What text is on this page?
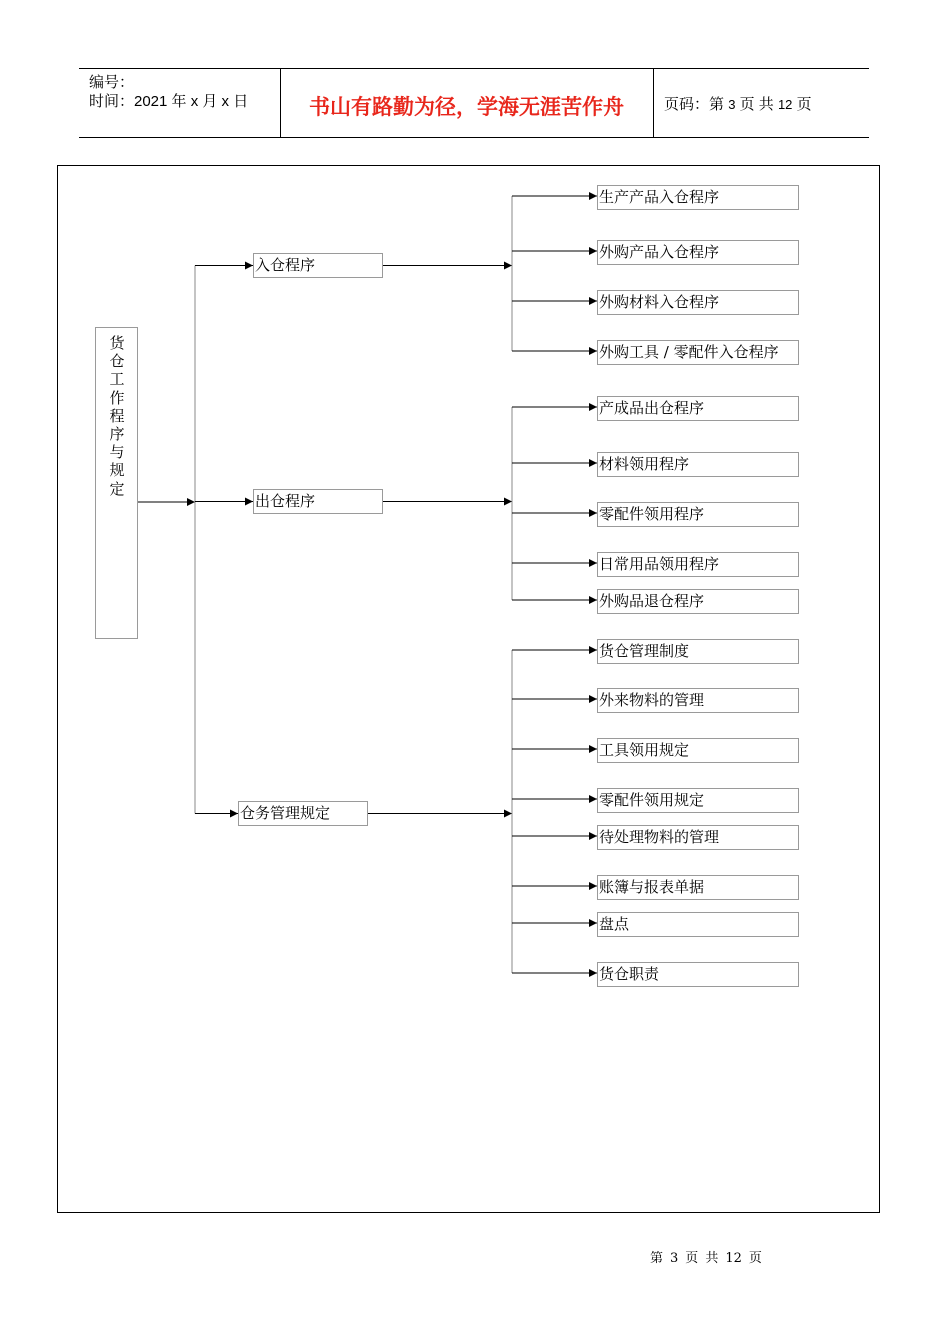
编号：
时间：2021 年 x 月 x 日	书山有路勤为径，学海无涯苦作舟	页码：第 3 页 共 12 页
货
仓
工
作
程
序
与
规
定
入仓程序
生产产品入仓程序
外购产品入仓程序
外购材料入仓程序
外购工具 / 零配件入仓程序
出仓程序
产成品出仓程序
材料领用程序
零配件领用程序
日常用品领用程序
外购品退仓程序
仓务管理规定
货仓管理制度
外来物料的管理
工具领用规定
零配件领用规定
待处理物料的管理
账簿与报表单据
盘点
货仓职责
第 3 页 共 12 页
